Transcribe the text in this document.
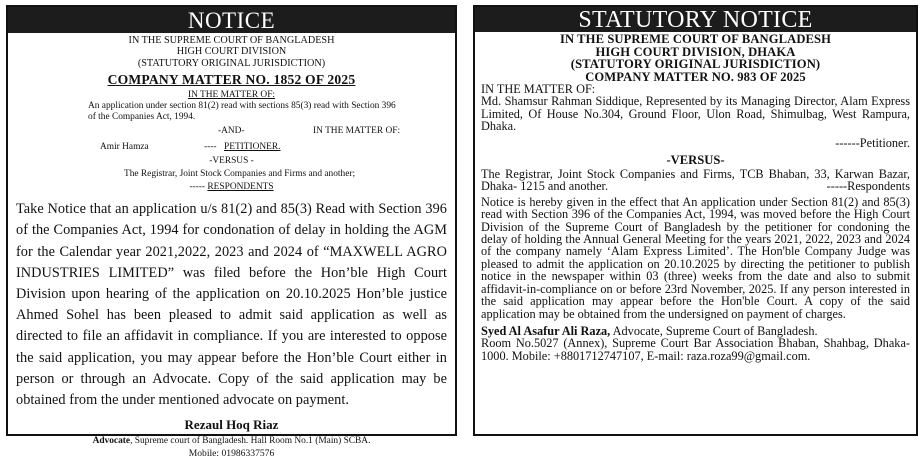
NOTICE
IN THE SUPREME COURT OF BANGLADESH
HIGH COURT DIVISION
(STATUTORY ORIGINAL JURISDICTION)
COMPANY MATTER NO. 1852 OF 2025
IN THE MATTER OF:
An application under section 81(2) read with sections 85(3) read with Section 396
of the Companies Act, 1994.
-AND-	IN THE MATTER OF:
Amir Hamza	---- PETITIONER.
-VERSUS -
The Registrar, Joint Stock Companies and Firms and another;
----- RESPONDENTS
Take Notice that an application u/s 81(2) and 85(3) Read with Section 396 of the Companies Act, 1994 for condonation of delay in holding the AGM for the Calendar year 2021,2022, 2023 and 2024 of “MAXWELL AGRO INDUSTRIES LIMITED” was filed before the Hon’ble High Court Division upon hearing of the application on 20.10.2025 Hon’ble justice Ahmed Sohel has been pleased to admit said application as well as directed to file an affidavit in compliance. If you are interested to oppose the said application, you may appear before the Hon’ble Court either in person or through an Advocate. Copy of the said application may be obtained from the under mentioned advocate on payment.
Rezaul Hoq Riaz
Advocate, Supreme court of Bangladesh. Hall Room No.1 (Main) SCBA.
Mobile: 01986337576
STATUTORY NOTICE
IN THE SUPREME COURT OF BANGLADESH
HIGH COURT DIVISION, DHAKA
(STATUTORY ORIGINAL JURISDICTION)
COMPANY MATTER NO. 983 OF 2025
IN THE MATTER OF:
Md. Shamsur Rahman Siddique, Represented by its Managing Director, Alam Express Limited, Of House No.304, Ground Floor, Ulon Road, Shimulbag, West Rampura, Dhaka.
------Petitioner.
-VERSUS-
The Registrar, Joint Stock Companies and Firms, TCB Bhaban, 33, Karwan Bazar, Dhaka- 1215 and another.	-----Respondents
Notice is hereby given in the effect that An application under Section 81(2) and 85(3) read with Section 396 of the Companies Act, 1994, was moved before the High Court Division of the Supreme Court of Bangladesh by the petitioner for condoning the delay of holding the Annual General Meeting for the years 2021, 2022, 2023 and 2024 of the company namely ‘Alam Express Limited’. The Hon'ble Company Judge was pleased to admit the application on 20.10.2025 by directing the petitioner to publish notice in the newspaper within 03 (three) weeks from the date and also to submit affidavit-in-compliance on or before 23rd November, 2025. If any person interested in the said application may appear before the Hon'ble Court. A copy of the said application may be obtained from the undersigned on payment of charges.
Syed Al Asafur Ali Raza, Advocate, Supreme Court of Bangladesh.
Room No.5027 (Annex), Supreme Court Bar Association Bhaban, Shahbag, Dhaka-1000. Mobile: +8801712747107, E-mail: raza.roza99@gmail.com.
